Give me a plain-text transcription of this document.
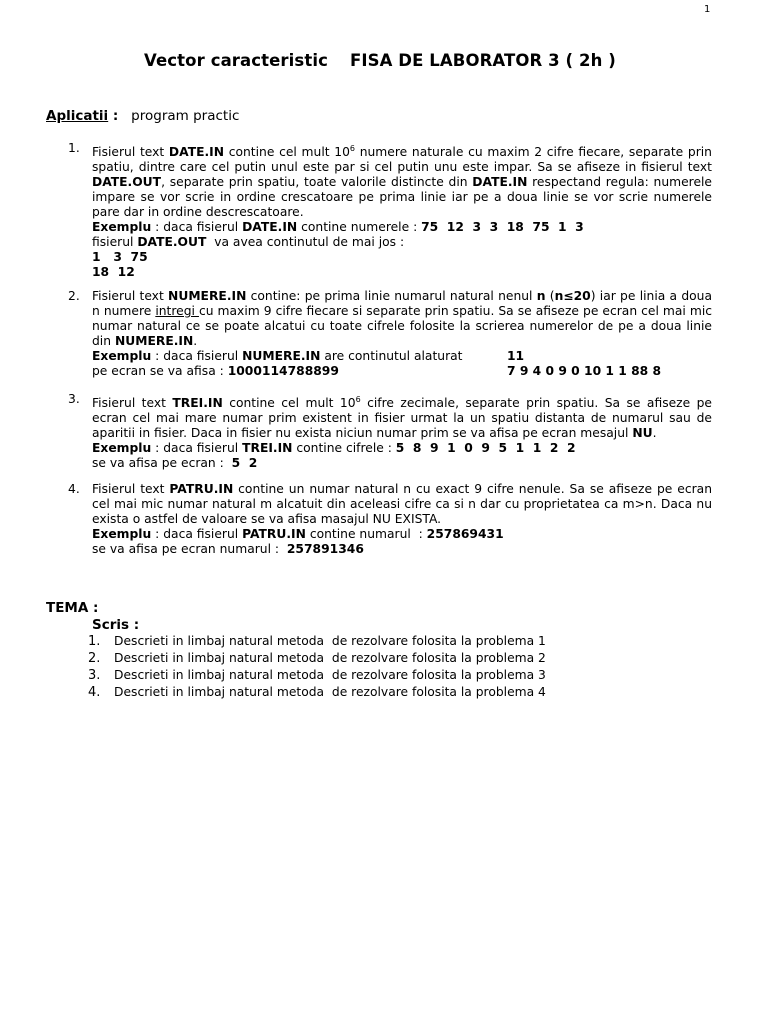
1
Vector caracteristic FISA DE LABORATOR 3 ( 2h )
Aplicatii : program practic
1. Fisierul text DATE.IN contine cel mult $10^6$ numere naturale cu maxim 2 cifre fiecare, separate prin spatiu, dintre care cel putin unul este par si cel putin unu este impar. Sa se afiseze in fisierul text DATE.OUT, separate prin spatiu, toate valorile distincte din DATE.IN respectand regula: numerele impare se vor scrie in ordine crescatoare pe prima linie iar pe a doua linie se vor scrie numerele pare dar in ordine descrescatoare.
Exemplu : daca fisierul DATE.IN contine numerele : 75  12  3  3  18  75  1  3
fisierul DATE.OUT  va avea continutul de mai jos :
1   3  75
18  12
2. Fisierul text NUMERE.IN contine: pe prima linie numarul natural nenul n (n≤20) iar pe linia a doua n numere intregi cu maxim 9 cifre fiecare si separate prin spatiu. Sa se afiseze pe ecran cel mai mic numar natural ce se poate alcatui cu toate cifrele folosite la scrierea numerelor de pe a doua linie din NUMERE.IN.
Exemplu : daca fisierul NUMERE.IN are continutul alaturat	11
pe ecran se va afisa : 1000114788899	7 9 4 0 9 0 10 1 1 88 8
3. Fisierul text TREI.IN contine cel mult $10^6$ cifre zecimale, separate prin spatiu. Sa se afiseze pe ecran cel mai mare numar prim existent in fisier urmat la un spatiu distanta de numarul sau de aparitii in fisier. Daca in fisier nu exista niciun numar prim se va afisa pe ecran mesajul NU.
Exemplu : daca fisierul TREI.IN contine cifrele : 5  8  9  1  0  9  5  1  1  2  2
se va afisa pe ecran :  5  2
4. Fisierul text PATRU.IN contine un numar natural n cu exact 9 cifre nenule. Sa se afiseze pe ecran cel mai mic numar natural m alcatuit din aceleasi cifre ca si n dar cu proprietatea ca m>n. Daca nu exista o astfel de valoare se va afisa masajul NU EXISTA.
Exemplu : daca fisierul PATRU.IN contine numarul  : 257869431
se va afisa pe ecran numarul :  257891346
TEMA :
Scris :
1. Descrieti in limbaj natural metoda  de rezolvare folosita la problema 1
2. Descrieti in limbaj natural metoda  de rezolvare folosita la problema 2
3. Descrieti in limbaj natural metoda  de rezolvare folosita la problema 3
4. Descrieti in limbaj natural metoda  de rezolvare folosita la problema 4
